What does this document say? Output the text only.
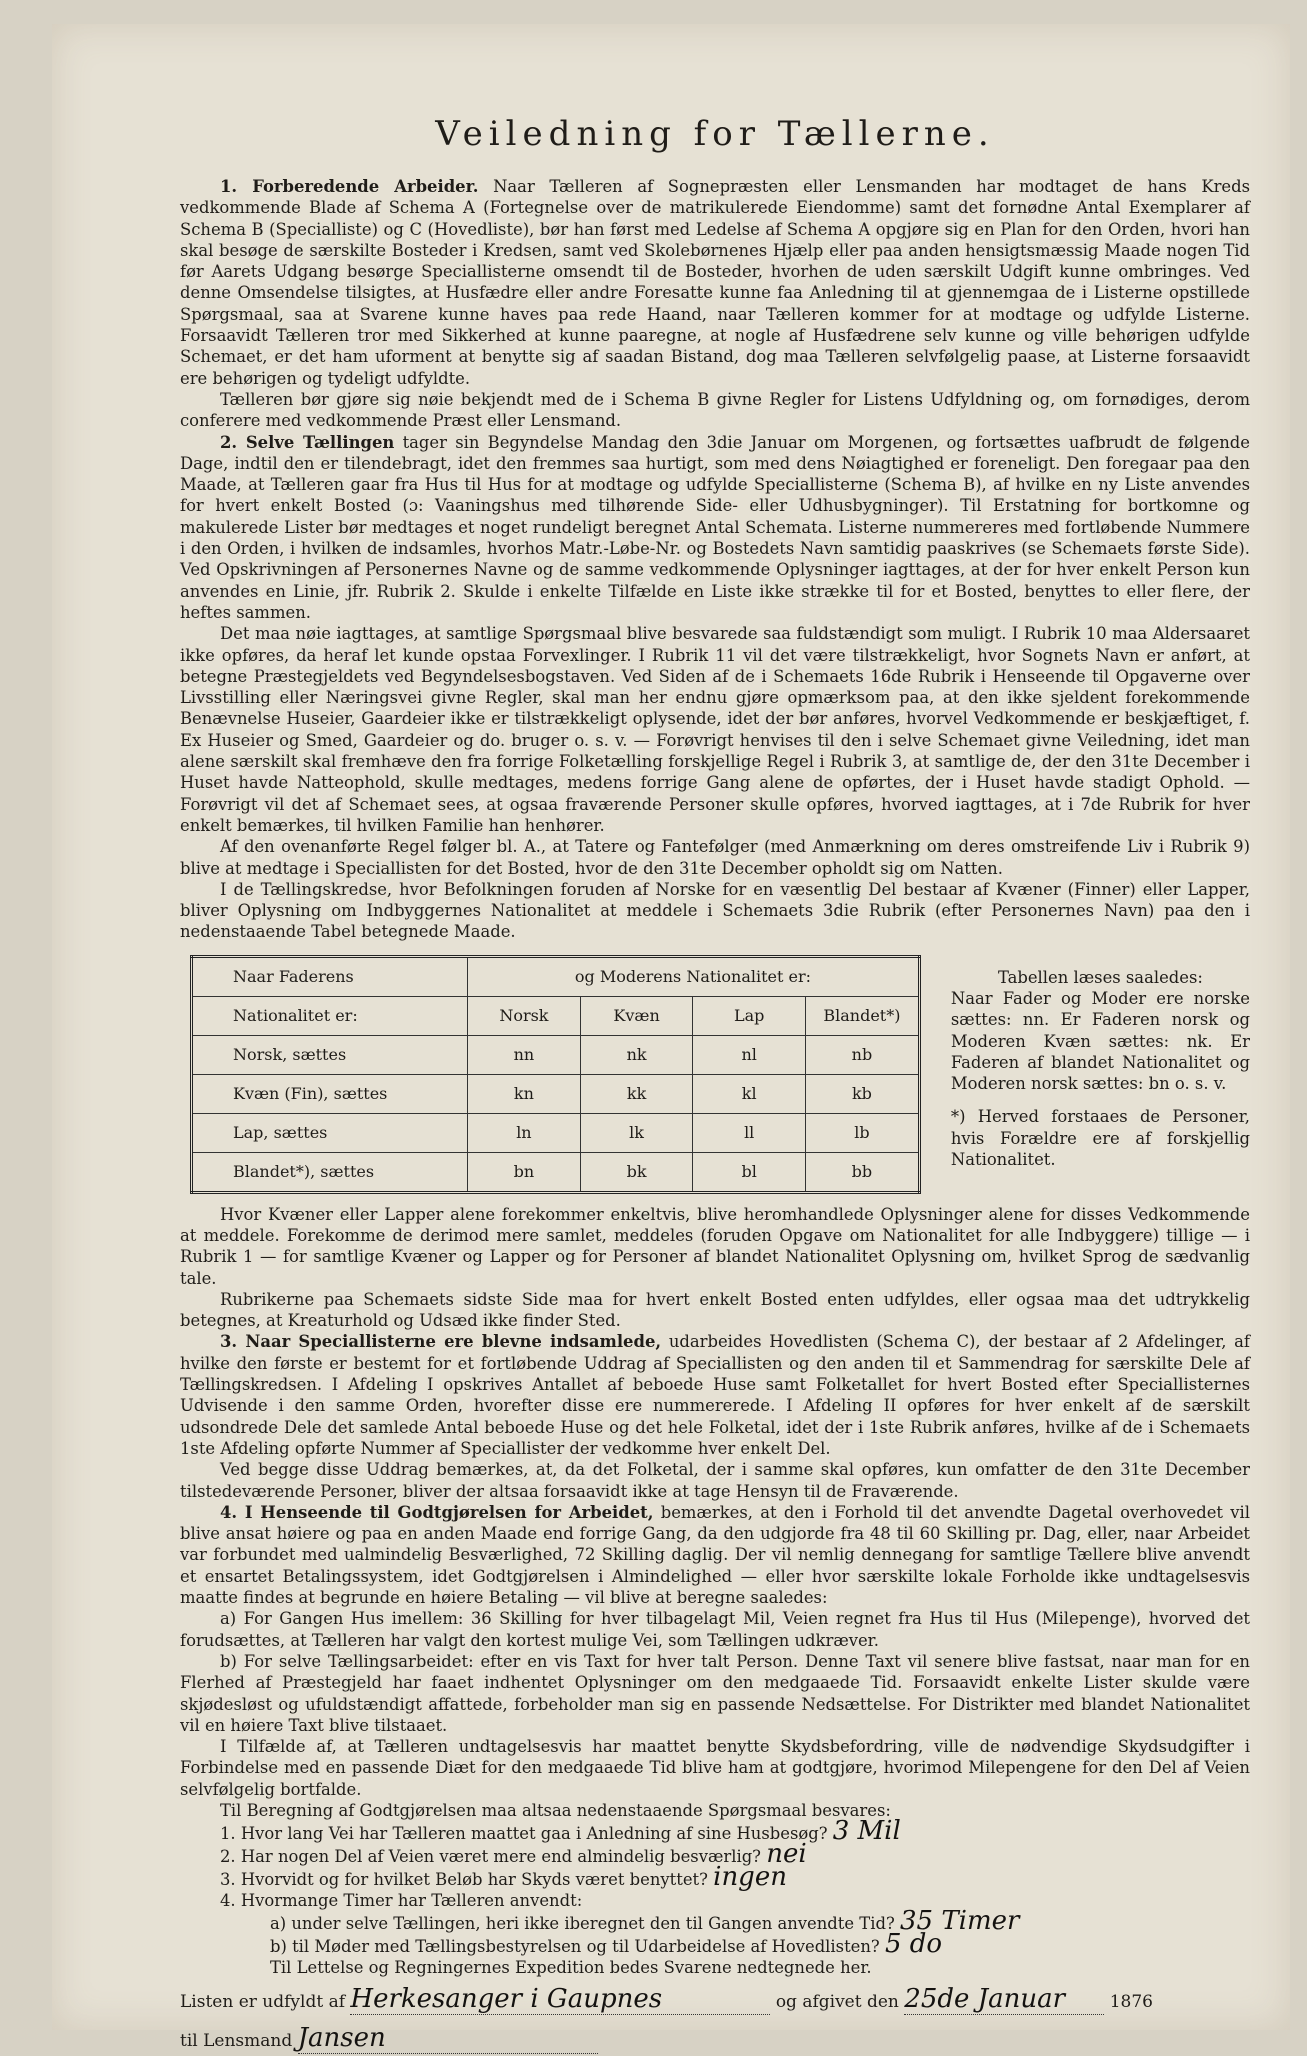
Veiledning for Tællerne.

1. Forberedende Arbeider. Naar Tælleren af Sognepræsten eller Lensmanden har modtaget de hans Kreds vedkommende Blade af Schema A (Fortegnelse over de matrikulerede Eiendomme) samt det fornødne Antal Exemplarer af Schema B (Specialliste) og C (Hovedliste), bør han først med Ledelse af Schema A opgjøre sig en Plan for den Orden, hvori han skal besøge de særskilte Bosteder i Kredsen, samt ved Skolebørnenes Hjælp eller paa anden hensigtsmæssig Maade nogen Tid før Aarets Udgang besørge Speciallisterne omsendt til de Bosteder, hvorhen de uden særskilt Udgift kunne ombringes. Ved denne Omsendelse tilsigtes, at Husfædre eller andre Foresatte kunne faa Anledning til at gjennemgaa de i Listerne opstillede Spørgsmaal, saa at Svarene kunne haves paa rede Haand, naar Tælleren kommer for at modtage og udfylde Listerne. Forsaavidt Tælleren tror med Sikkerhed at kunne paaregne, at nogle af Husfædrene selv kunne og ville behørigen udfylde Schemaet, er det ham uforment at benytte sig af saadan Bistand, dog maa Tælleren selvfølgelig paase, at Listerne forsaavidt ere behørigen og tydeligt udfyldte.

Tælleren bør gjøre sig nøie bekjendt med de i Schema B givne Regler for Listens Udfyldning og, om fornødiges, derom conferere med vedkommende Præst eller Lensmand.

2. Selve Tællingen tager sin Begyndelse Mandag den 3die Januar om Morgenen, og fortsættes uafbrudt de følgende Dage, indtil den er tilendebragt, idet den fremmes saa hurtigt, som med dens Nøiagtighed er foreneligt. Den foregaar paa den Maade, at Tælleren gaar fra Hus til Hus for at modtage og udfylde Speciallisterne (Schema B), af hvilke en ny Liste anvendes for hvert enkelt Bosted (ɔ: Vaaningshus med tilhørende Side- eller Udhusbygninger). Til Erstatning for bortkomne og makulerede Lister bør medtages et noget rundeligt beregnet Antal Schemata. Listerne nummereres med fortløbende Nummere i den Orden, i hvilken de indsamles, hvorhos Matr.-Løbe-Nr. og Bostedets Navn samtidig paaskrives (se Schemaets første Side). Ved Opskrivningen af Personernes Navne og de samme vedkommende Oplysninger iagttages, at der for hver enkelt Person kun anvendes en Linie, jfr. Rubrik 2. Skulde i enkelte Tilfælde en Liste ikke strække til for et Bosted, benyttes to eller flere, der heftes sammen.

Det maa nøie iagttages, at samtlige Spørgsmaal blive besvarede saa fuldstændigt som muligt. I Rubrik 10 maa Aldersaaret ikke opføres, da heraf let kunde opstaa Forvexlinger. I Rubrik 11 vil det være tilstrækkeligt, hvor Sognets Navn er anført, at betegne Præstegjeldets ved Begyndelsesbogstaven. Ved Siden af de i Schemaets 16de Rubrik i Henseende til Opgaverne over Livsstilling eller Næringsvei givne Regler, skal man her endnu gjøre opmærksom paa, at den ikke sjeldent forekommende Benævnelse Huseier, Gaardeier ikke er tilstrækkeligt oplysende, idet der bør anføres, hvorvel Vedkommende er beskjæftiget, f. Ex Huseier og Smed, Gaardeier og do. bruger o. s. v. — Forøvrigt henvises til den i selve Schemaet givne Veiledning, idet man alene særskilt skal fremhæve den fra forrige Folketælling forskjellige Regel i Rubrik 3, at samtlige de, der den 31te December i Huset havde Natteophold, skulle medtages, medens forrige Gang alene de opførtes, der i Huset havde stadigt Ophold. — Forøvrigt vil det af Schemaet sees, at ogsaa fraværende Personer skulle opføres, hvorved iagttages, at i 7de Rubrik for hver enkelt bemærkes, til hvilken Familie han henhører.

Af den ovenanførte Regel følger bl. A., at Tatere og Fantefølger (med Anmærkning om deres omstreifende Liv i Rubrik 9) blive at medtage i Speciallisten for det Bosted, hvor de den 31te December opholdt sig om Natten.

I de Tællingskredse, hvor Befolkningen foruden af Norske for en væsentlig Del bestaar af Kvæner (Finner) eller Lapper, bliver Oplysning om Indbyggernes Nationalitet at meddele i Schemaets 3die Rubrik (efter Personernes Navn) paa den i nedenstaaende Tabel betegnede Maade.

Naar Faderens	og Moderens Nationalitet er:			
Nationalitet er:	Norsk	Kvæn	Lap	Blandet*)
Norsk, sættes	nn	nk	nl	nb
Kvæn (Fin), sættes	kn	kk	kl	kb
Lap, sættes	ln	lk	ll	lb
Blandet*), sættes	bn	bk	bl	bb

Tabellen læses saaledes:

Naar Fader og Moder ere norske sættes: nn. Er Faderen norsk og Moderen Kvæn sættes: nk. Er Faderen af blandet Nationalitet og Moderen norsk sættes: bn o. s. v.

*) Herved forstaaes de Personer, hvis Forældre ere af forskjellig Nationalitet.

Hvor Kvæner eller Lapper alene forekommer enkeltvis, blive heromhandlede Oplysninger alene for disses Vedkommende at meddele. Forekomme de derimod mere samlet, meddeles (foruden Opgave om Nationalitet for alle Indbyggere) tillige — i Rubrik 1 — for samtlige Kvæner og Lapper og for Personer af blandet Nationalitet Oplysning om, hvilket Sprog de sædvanlig tale.

Rubrikerne paa Schemaets sidste Side maa for hvert enkelt Bosted enten udfyldes, eller ogsaa maa det udtrykkelig betegnes, at Kreaturhold og Udsæd ikke finder Sted.

3. Naar Speciallisterne ere blevne indsamlede, udarbeides Hovedlisten (Schema C), der bestaar af 2 Afdelinger, af hvilke den første er bestemt for et fortløbende Uddrag af Speciallisten og den anden til et Sammendrag for særskilte Dele af Tællingskredsen. I Afdeling I opskrives Antallet af beboede Huse samt Folketallet for hvert Bosted efter Speciallisternes Udvisende i den samme Orden, hvorefter disse ere nummererede. I Afdeling II opføres for hver enkelt af de særskilt udsondrede Dele det samlede Antal beboede Huse og det hele Folketal, idet der i 1ste Rubrik anføres, hvilke af de i Schemaets 1ste Afdeling opførte Nummer af Speciallister der vedkomme hver enkelt Del.

Ved begge disse Uddrag bemærkes, at, da det Folketal, der i samme skal opføres, kun omfatter de den 31te December tilstedeværende Personer, bliver der altsaa forsaavidt ikke at tage Hensyn til de Fraværende.

4. I Henseende til Godtgjørelsen for Arbeidet, bemærkes, at den i Forhold til det anvendte Dagetal overhovedet vil blive ansat høiere og paa en anden Maade end forrige Gang, da den udgjorde fra 48 til 60 Skilling pr. Dag, eller, naar Arbeidet var forbundet med ualmindelig Besværlighed, 72 Skilling daglig. Der vil nemlig dennegang for samtlige Tællere blive anvendt et ensartet Betalingssystem, idet Godtgjørelsen i Almindelighed — eller hvor særskilte lokale Forholde ikke undtagelsesvis maatte findes at begrunde en høiere Betaling — vil blive at beregne saaledes:

a) For Gangen Hus imellem: 36 Skilling for hver tilbagelagt Mil, Veien regnet fra Hus til Hus (Milepenge), hvorved det forudsættes, at Tælleren har valgt den kortest mulige Vei, som Tællingen udkræver.

b) For selve Tællingsarbeidet: efter en vis Taxt for hver talt Person. Denne Taxt vil senere blive fastsat, naar man for en Flerhed af Præstegjeld har faaet indhentet Oplysninger om den medgaaede Tid. Forsaavidt enkelte Lister skulde være skjødesløst og ufuldstændigt affattede, forbeholder man sig en passende Nedsættelse. For Distrikter med blandet Nationalitet vil en høiere Taxt blive tilstaaet.

I Tilfælde af, at Tælleren undtagelsesvis har maattet benytte Skydsbefordring, ville de nødvendige Skydsudgifter i Forbindelse med en passende Diæt for den medgaaede Tid blive ham at godtgjøre, hvorimod Milepengene for den Del af Veien selvfølgelig bortfalde.

Til Beregning af Godtgjørelsen maa altsaa nedenstaaende Spørgsmaal besvares:

1. Hvor lang Vei har Tælleren maattet gaa i Anledning af sine Husbesøg? 3 Mil
2. Har nogen Del af Veien været mere end almindelig besværlig? nei
3. Hvorvidt og for hvilket Beløb har Skyds været benyttet? ingen
4. Hvormange Timer har Tælleren anvendt:
a) under selve Tællingen, heri ikke iberegnet den til Gangen anvendte Tid? 35 Timer
b) til Møder med Tællingsbestyrelsen og til Udarbeidelse af Hovedlisten? 5 do
Til Lettelse og Regningernes Expedition bedes Svarene nedtegnede her.
Listen er udfyldt af Herkesanger i Gaupnes	og afgivet den 25de Januar	1876
til Lensmand Jansen
